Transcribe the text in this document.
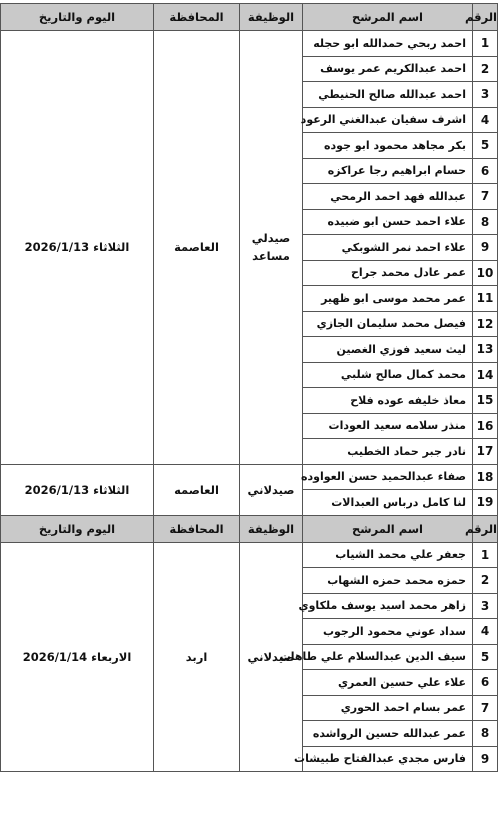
الرقم	اسم المرشح	الوظيفة	المحافظة	اليوم والتاريخ
1	احمد ربحي حمدالله ابو حجله	صيدلي مساعد	العاصمة	الثلاثاء 2026/1/13
2	احمد عبدالكريم عمر يوسف			
3	احمد عبدالله صالح الحنيطي			
4	اشرف سفيان عبدالغني الرعود			
5	بكر مجاهد محمود ابو جوده			
6	حسام ابراهيم رجا عراكزه			
7	عبدالله فهد احمد الرمحي			
8	علاء احمد حسن ابو ضبيده			
9	علاء احمد نمر الشوبكي			
10	عمر عادل محمد جراح			
11	عمر محمد موسى ابو ظهير			
12	فيصل محمد سليمان الجازي			
13	ليث سعيد فوزي الغصين			
14	محمد كمال صالح شلبي			
15	معاذ خليفه عوده فلاح			
16	منذر سلامه سعيد العودات			
17	نادر جبر حماد الخطيب			
18	صفاء عبدالحميد حسن العواوده	صيدلاني	العاصمه	الثلاثاء 2026/1/13
19	لنا كامل درباس العبدالات			
الرقم	اسم المرشح	الوظيفة	المحافظة	اليوم والتاريخ
1	جعفر علي محمد الشياب	صيدلاني	اربد	الاربعاء 2026/1/14
2	حمزه محمد حمزه الشهاب			
3	زاهر محمد اسيد يوسف ملكاوي			
4	سداد عوني محمود الرجوب			
5	سيف الدين عبدالسلام علي طاهات			
6	علاء علي حسين العمري			
7	عمر بسام احمد الحوري			
8	عمر عبدالله حسين الرواشده			
9	فارس مجدي عبدالفتاح طبيشات			
